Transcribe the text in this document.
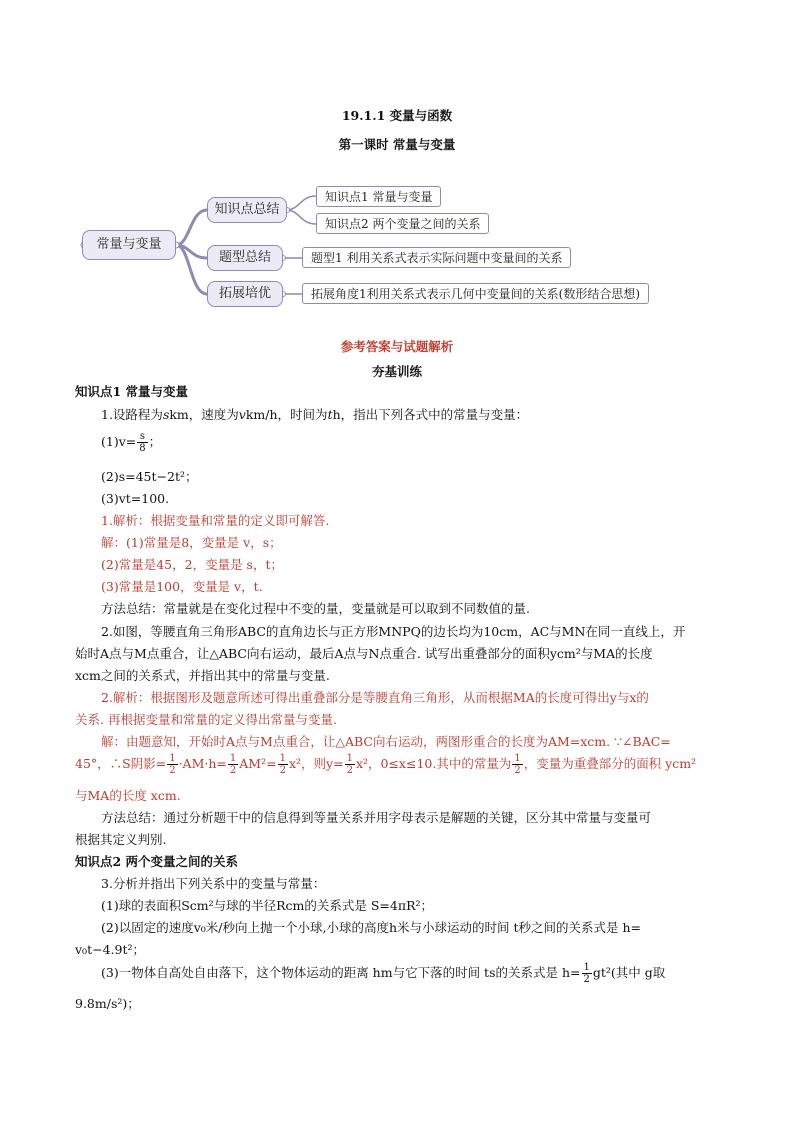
19.1.1 变量与函数
第一课时 常量与变量
常量与变量
知识点总结
题型总结
拓展培优
知识点1 常量与变量
知识点2 两个变量之间的关系
题型1 利用关系式表示实际问题中变量间的关系
拓展角度1利用关系式表示几何中变量间的关系(数形结合思想)
参考答案与试题解析
夯基训练
知识点1 常量与变量
1.设路程为skm，速度为vkm/h，时间为th，指出下列各式中的常量与变量：
$(1)v= \frac{s}{8}$ ；
(2)s=45t−2t²；
(3)vt=100.
1.解析：根据变量和常量的定义即可解答.
解：(1)常量是8，变量是 v，s；
(2)常量是45，2，变量是 s，t；
(3)常量是100，变量是 v，t.
方法总结：常量就是在变化过程中不变的量，变量就是可以取到不同数值的量.
2.如图，等腰直角三角形ABC的直角边长与正方形MNPQ的边长均为10cm，AC与MN在同一直线上，开
始时A点与M点重合，让△ABC向右运动，最后A点与N点重合. 试写出重叠部分的面积ycm²与MA的长度
xcm之间的关系式，并指出其中的常量与变量.
2.解析：根据图形及题意所述可得出重叠部分是等腰直角三角形，从而根据MA的长度可得出y与x的
关系. 再根据变量和常量的定义得出常量与变量.
解：由题意知，开始时A点与M点重合，让△ABC向右运动，两图形重合的长度为AM=xcm. ∵∠BAC=
45°，∴S阴影= $\frac{1}{2} \cdot AM\cdot h= \frac{1}{2} AM^2= \frac{1}{2} x^2$，则$y= \frac{1}{2} x^2$，0≤x≤10.其中的常量为 $\frac{1}{2}$ ，变量为重叠部分的面积 ycm²
与MA的长度 xcm.
方法总结：通过分析题干中的信息得到等量关系并用字母表示是解题的关键，区分其中常量与变量可
根据其定义判别.
知识点2 两个变量之间的关系
3.分析并指出下列关系中的变量与常量：
(1)球的表面积Scm²与球的半径Rcm的关系式是 S=4πR²；
(2)以固定的速度v₀米/秒向上抛一个小球,小球的高度h米与小球运动的时间 t秒之间的关系式是 h=
v₀t−4.9t²；
(3)一物体自高处自由落下，这个物体运动的距离 hm与它下落的时间 ts的关系式是 $h= \frac{1}{2} gt^2$(其中 g取
9.8m/s²)；
